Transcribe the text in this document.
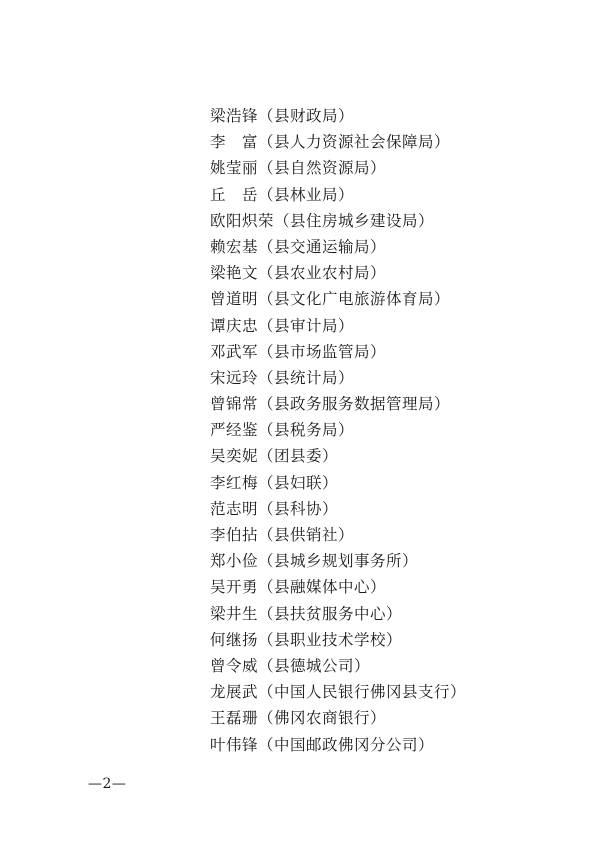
梁浩锋（县财政局）
李　富（县人力资源社会保障局）
姚莹丽（县自然资源局）
丘　岳（县林业局）
欧阳炽荣（县住房城乡建设局）
赖宏基（县交通运输局）
梁艳文（县农业农村局）
曾道明（县文化广电旅游体育局）
谭庆忠（县审计局）
邓武军（县市场监管局）
宋远玲（县统计局）
曾锦常（县政务服务数据管理局）
严经鉴（县税务局）
吴奕妮（团县委）
李红梅（县妇联）
范志明（县科协）
李伯拈（县供销社）
郑小俭（县城乡规划事务所）
吴开勇（县融媒体中心）
梁井生（县扶贫服务中心）
何继扬（县职业技术学校）
曾令威（县德城公司）
龙展武（中国人民银行佛冈县支行）
王磊珊（佛冈农商银行）
叶伟锋（中国邮政佛冈分公司）
—2—
